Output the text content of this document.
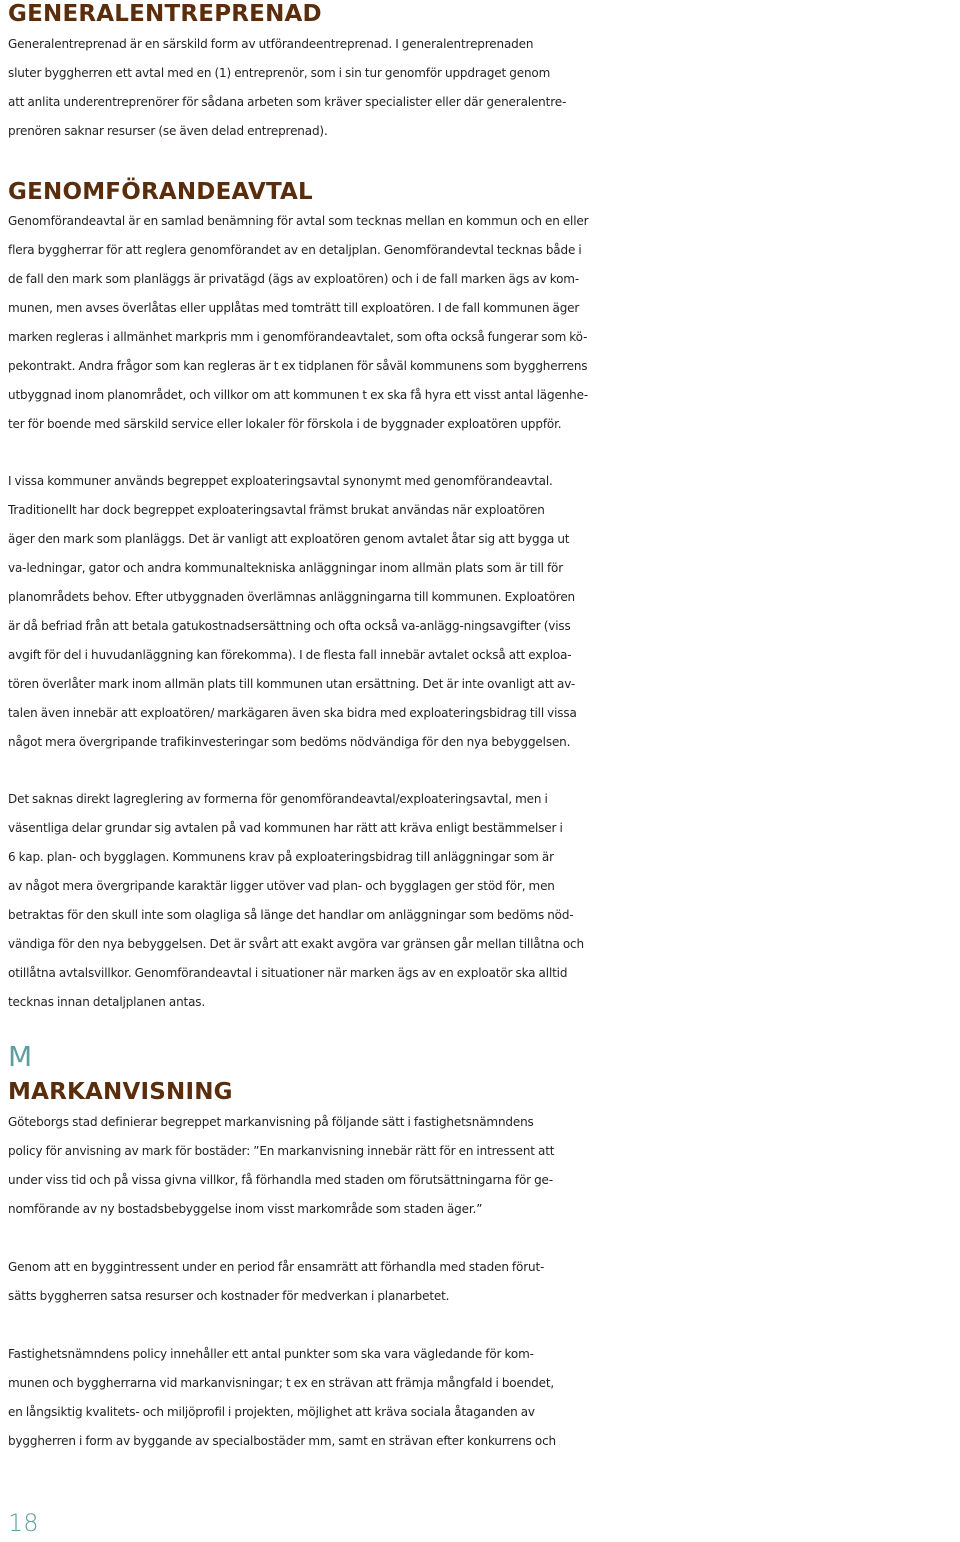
GENERALENTREPRENAD
Generalentreprenad är en särskild form av utförandeentreprenad. I generalentreprenaden
sluter byggherren ett avtal med en (1) entreprenör, som i sin tur genomför uppdraget genom
att anlita underentreprenörer för sådana arbeten som kräver specialister eller där generalentre-
prenören saknar resurser (se även delad entreprenad).
GENOMFÖRANDEAVTAL
Genomförandeavtal är en samlad benämning för avtal som tecknas mellan en kommun och en eller
flera byggherrar för att reglera genomförandet av en detaljplan. Genomförandevtal tecknas både i
de fall den mark som planläggs är privatägd (ägs av exploatören) och i de fall marken ägs av kom-
munen, men avses överlåtas eller upplåtas med tomträtt till exploatören. I de fall kommunen äger
marken regleras i allmänhet markpris mm i genomförandeavtalet, som ofta också fungerar som kö-
pekontrakt. Andra frågor som kan regleras är t ex tidplanen för såväl kommunens som byggherrens
utbyggnad inom planområdet, och villkor om att kommunen t ex ska få hyra ett visst antal lägenhe-
ter för boende med särskild service eller lokaler för förskola i de byggnader exploatören uppför.
I vissa kommuner används begreppet exploateringsavtal synonymt med genomförandeavtal.
Traditionellt har dock begreppet exploateringsavtal främst brukat användas när exploatören
äger den mark som planläggs. Det är vanligt att exploatören genom avtalet åtar sig att bygga ut
va-ledningar, gator och andra kommunaltekniska anläggningar inom allmän plats som är till för
planområdets behov. Efter utbyggnaden överlämnas anläggningarna till kommunen. Exploatören
är då befriad från att betala gatukostnadsersättning och ofta också va-anlägg-ningsavgifter (viss
avgift för del i huvudanläggning kan förekomma). I de flesta fall innebär avtalet också att exploa-
tören överlåter mark inom allmän plats till kommunen utan ersättning. Det är inte ovanligt att av-
talen även innebär att exploatören/ markägaren även ska bidra med exploateringsbidrag till vissa
något mera övergripande trafikinvesteringar som bedöms nödvändiga för den nya bebyggelsen.
Det saknas direkt lagreglering av formerna för genomförandeavtal/exploateringsavtal, men i
väsentliga delar grundar sig avtalen på vad kommunen har rätt att kräva enligt bestämmelser i
6 kap. plan- och bygglagen. Kommunens krav på exploateringsbidrag till anläggningar som är
av något mera övergripande karaktär ligger utöver vad plan- och bygglagen ger stöd för, men
betraktas för den skull inte som olagliga så länge det handlar om anläggningar som bedöms nöd-
vändiga för den nya bebyggelsen. Det är svårt att exakt avgöra var gränsen går mellan tillåtna och
otillåtna avtalsvillkor. Genomförandeavtal i situationer när marken ägs av en exploatör ska alltid
tecknas innan detaljplanen antas.
M
MARKANVISNING
Göteborgs stad definierar begreppet markanvisning på följande sätt i fastighetsnämndens
policy för anvisning av mark för bostäder: ”En markanvisning innebär rätt för en intressent att
under viss tid och på vissa givna villkor, få förhandla med staden om förutsättningarna för ge-
nomförande av ny bostadsbebyggelse inom visst markområde som staden äger.”
Genom att en byggintressent under en period får ensamrätt att förhandla med staden förut-
sätts byggherren satsa resurser och kostnader för medverkan i planarbetet.
Fastighetsnämndens policy innehåller ett antal punkter som ska vara vägledande för kom-
munen och byggherrarna vid markanvisningar; t ex en strävan att främja mångfald i boendet,
en långsiktig kvalitets- och miljöprofil i projekten, möjlighet att kräva sociala åtaganden av
byggherren i form av byggande av specialbostäder mm, samt en strävan efter konkurrens och
18
